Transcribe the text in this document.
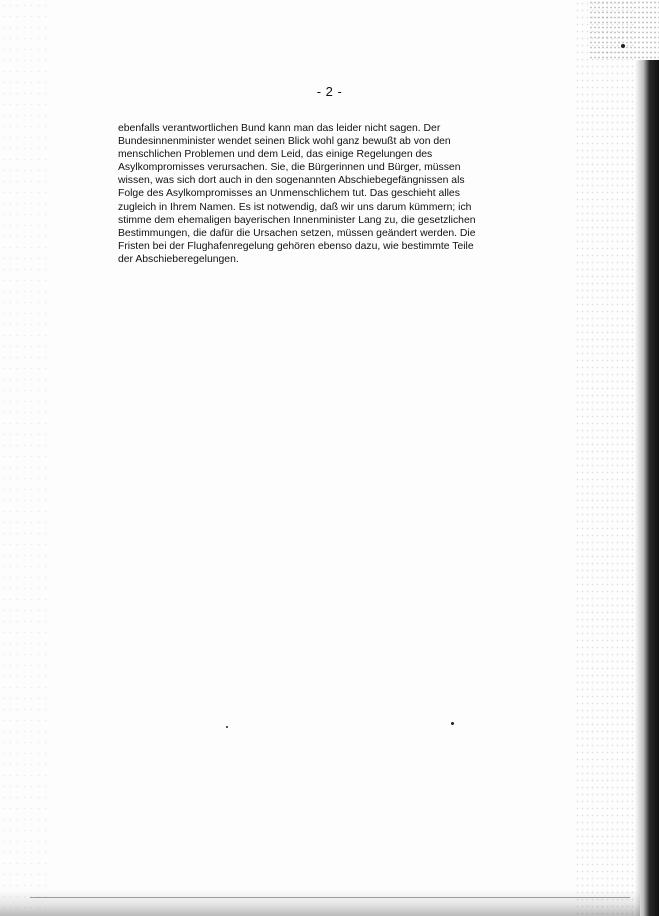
- 2 -

ebenfalls verantwortlichen Bund kann man das leider nicht sagen. Der
Bundesinnenminister wendet seinen Blick wohl ganz bewußt ab von den
menschlichen Problemen und dem Leid, das einige Regelungen des
Asylkompromisses verursachen. Sie, die Bürgerinnen und Bürger, müssen
wissen, was sich dort auch in den sogenannten Abschiebegefängnissen als
Folge des Asylkompromisses an Unmenschlichem tut. Das geschieht alles
zugleich in Ihrem Namen. Es ist notwendig, daß wir uns darum kümmern; ich
stimme dem ehemaligen bayerischen Innenminister Lang zu, die gesetzlichen
Bestimmungen, die dafür die Ursachen setzen, müssen geändert werden. Die
Fristen bei der Flughafenregelung gehören ebenso dazu, wie bestimmte Teile
der Abschieberegelungen.
